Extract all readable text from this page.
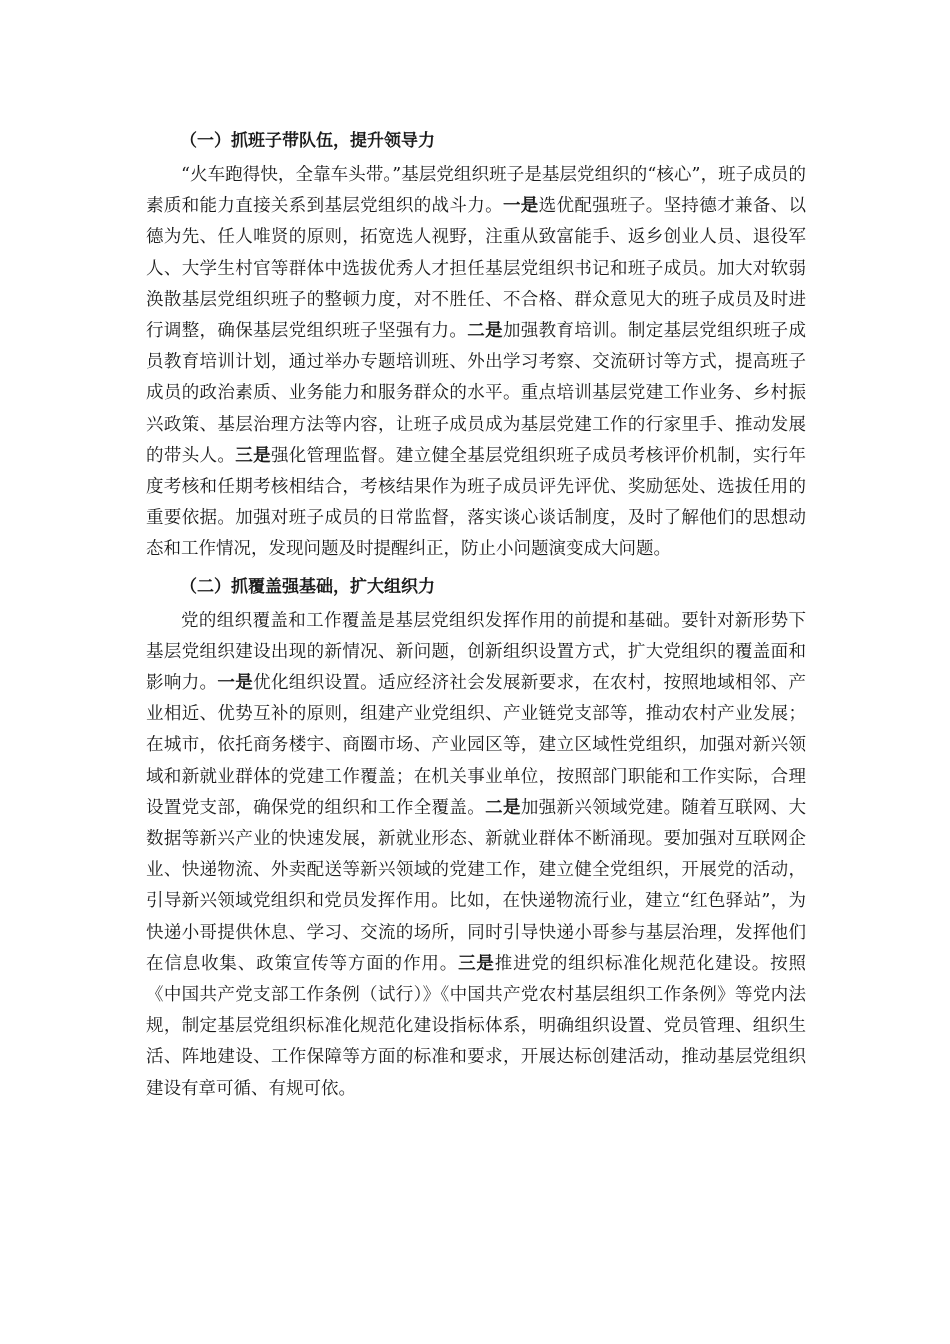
（一）抓班子带队伍，提升领导力

“火车跑得快，全靠车头带。”基层党组织班子是基层党组织的“核心”，班子成员的素质和能力直接关系到基层党组织的战斗力。一是选优配强班子。坚持德才兼备、以德为先、任人唯贤的原则，拓宽选人视野，注重从致富能手、返乡创业人员、退役军人、大学生村官等群体中选拔优秀人才担任基层党组织书记和班子成员。加大对软弱涣散基层党组织班子的整顿力度，对不胜任、不合格、群众意见大的班子成员及时进行调整，确保基层党组织班子坚强有力。二是加强教育培训。制定基层党组织班子成员教育培训计划，通过举办专题培训班、外出学习考察、交流研讨等方式，提高班子成员的政治素质、业务能力和服务群众的水平。重点培训基层党建工作业务、乡村振兴政策、基层治理方法等内容，让班子成员成为基层党建工作的行家里手、推动发展的带头人。三是强化管理监督。建立健全基层党组织班子成员考核评价机制，实行年度考核和任期考核相结合，考核结果作为班子成员评先评优、奖励惩处、选拔任用的重要依据。加强对班子成员的日常监督，落实谈心谈话制度，及时了解他们的思想动态和工作情况，发现问题及时提醒纠正，防止小问题演变成大问题。

（二）抓覆盖强基础，扩大组织力

党的组织覆盖和工作覆盖是基层党组织发挥作用的前提和基础。要针对新形势下基层党组织建设出现的新情况、新问题，创新组织设置方式，扩大党组织的覆盖面和影响力。一是优化组织设置。适应经济社会发展新要求，在农村，按照地域相邻、产业相近、优势互补的原则，组建产业党组织、产业链党支部等，推动农村产业发展；在城市，依托商务楼宇、商圈市场、产业园区等，建立区域性党组织，加强对新兴领域和新就业群体的党建工作覆盖；在机关事业单位，按照部门职能和工作实际，合理设置党支部，确保党的组织和工作全覆盖。二是加强新兴领域党建。随着互联网、大数据等新兴产业的快速发展，新就业形态、新就业群体不断涌现。要加强对互联网企业、快递物流、外卖配送等新兴领域的党建工作，建立健全党组织，开展党的活动，引导新兴领域党组织和党员发挥作用。比如，在快递物流行业，建立“红色驿站”，为快递小哥提供休息、学习、交流的场所，同时引导快递小哥参与基层治理，发挥他们在信息收集、政策宣传等方面的作用。三是推进党的组织标准化规范化建设。按照《中国共产党支部工作条例（试行）》《中国共产党农村基层组织工作条例》等党内法规，制定基层党组织标准化规范化建设指标体系，明确组织设置、党员管理、组织生活、阵地建设、工作保障等方面的标准和要求，开展达标创建活动，推动基层党组织建设有章可循、有规可依。
